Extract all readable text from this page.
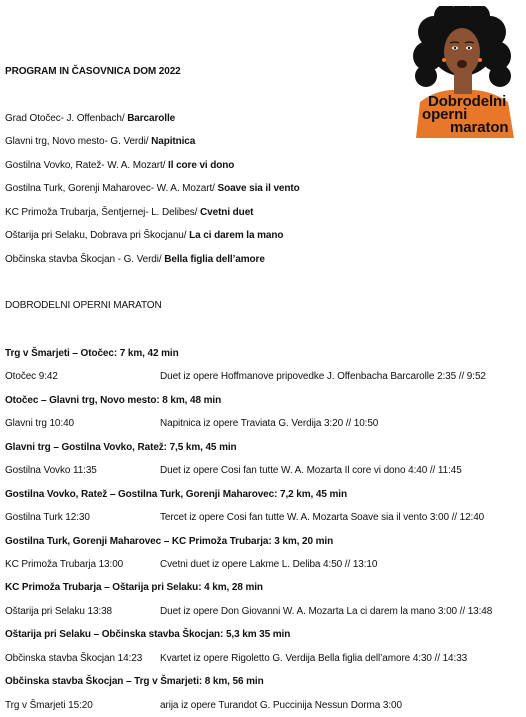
Dobrodelni
operni
maraton
PROGRAM IN ČASOVNICA DOM 2022
Grad Otočec- J. Offenbach/ Barcarolle
Glavni trg, Novo mesto- G. Verdi/ Napitnica
Gostilna Vovko, Ratež- W. A. Mozart/ Il core vi dono
Gostilna Turk, Gorenji Maharovec- W. A. Mozart/ Soave sia il vento
KC Primoža Trubarja, Šentjernej- L. Delibes/ Cvetni duet
Oštarija pri Selaku, Dobrava pri Škocjanu/ La ci darem la mano
Občinska stavba Škocjan - G. Verdi/ Bella figlia dell’amore
DOBRODELNI OPERNI MARATON
Trg v Šmarjeti – Otočec: 7 km, 42 min
Otočec 9:42	Duet iz opere Hoffmanove pripovedke J. Offenbacha Barcarolle 2:35 // 9:52
Otočec – Glavni trg, Novo mesto: 8 km, 48 min
Glavni trg 10:40	Napitnica iz opere Traviata G. Verdija 3:20 // 10:50
Glavni trg – Gostilna Vovko, Ratež: 7,5 km, 45 min
Gostilna Vovko 11:35	Duet iz opere Cosi fan tutte W. A. Mozarta Il core vi dono 4:40 // 11:45
Gostilna Vovko, Ratež – Gostilna Turk, Gorenji Maharovec: 7,2 km, 45 min
Gostilna Turk 12:30	Tercet iz opere Cosi fan tutte W. A. Mozarta Soave sia il vento 3:00 // 12:40
Gostilna Turk, Gorenji Maharovec – KC Primoža Trubarja: 3 km, 20 min
KC Primoža Trubarja 13:00	Cvetni duet iz opere Lakme L. Deliba 4:50 // 13:10
KC Primoža Trubarja – Oštarija pri Selaku: 4 km, 28 min
Oštarija pri Selaku 13:38	Duet iz opere Don Giovanni W. A. Mozarta La ci darem la mano 3:00 // 13:48
Oštarija pri Selaku – Občinska stavba Škocjan: 5,3 km 35 min
Občinska stavba Škocjan 14:23 Kvartet iz opere Rigoletto G. Verdija Bella figlia dell’amore 4:30 // 14:33
Občinska stavba Škocjan – Trg v Šmarjeti: 8 km, 56 min
Trg v Šmarjeti 15:20	arija iz opere Turandot G. Puccinija Nessun Dorma 3:00
